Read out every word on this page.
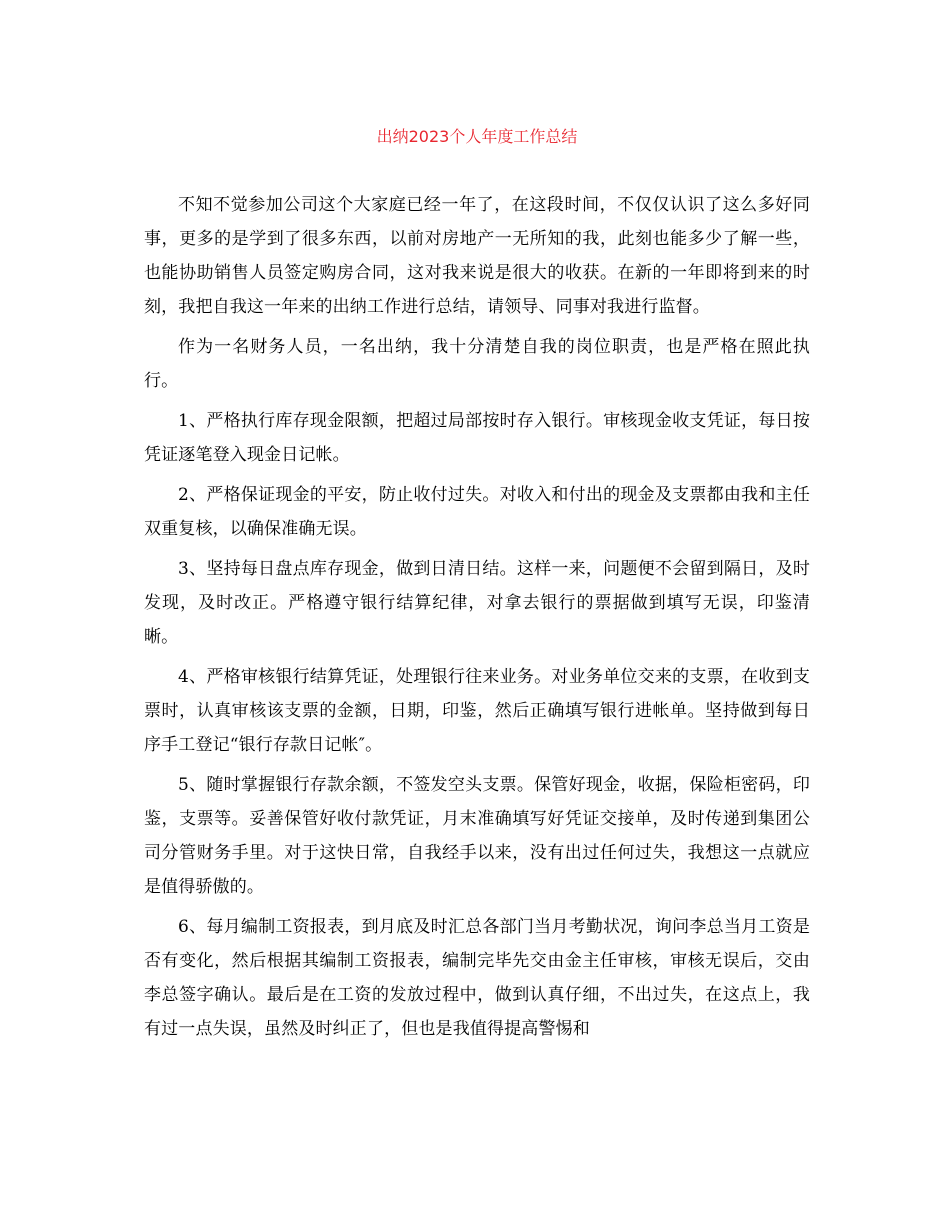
出纳2023个人年度工作总结

不知不觉参加公司这个大家庭已经一年了，在这段时间，不仅仅认识了这么多好同事，更多的是学到了很多东西，以前对房地产一无所知的我，此刻也能多少了解一些，也能协助销售人员签定购房合同，这对我来说是很大的收获。在新的一年即将到来的时刻，我把自我这一年来的出纳工作进行总结，请领导、同事对我进行监督。

作为一名财务人员，一名出纳，我十分清楚自我的岗位职责，也是严格在照此执行。

1、严格执行库存现金限额，把超过局部按时存入银行。审核现金收支凭证，每日按凭证逐笔登入现金日记帐。

2、严格保证现金的平安，防止收付过失。对收入和付出的现金及支票都由我和主任双重复核，以确保准确无误。

3、坚持每日盘点库存现金，做到日清日结。这样一来，问题便不会留到隔日，及时发现，及时改正。严格遵守银行结算纪律，对拿去银行的票据做到填写无误，印鉴清晰。

4、严格审核银行结算凭证，处理银行往来业务。对业务单位交来的支票，在收到支票时，认真审核该支票的金额，日期，印鉴，然后正确填写银行进帐单。坚持做到每日序手工登记“银行存款日记帐″。

5、随时掌握银行存款余额，不签发空头支票。保管好现金，收据，保险柜密码，印鉴，支票等。妥善保管好收付款凭证，月末准确填写好凭证交接单，及时传递到集团公司分管财务手里。对于这快日常，自我经手以来，没有出过任何过失，我想这一点就应是值得骄傲的。

6、每月编制工资报表，到月底及时汇总各部门当月考勤状况，询问李总当月工资是否有变化，然后根据其编制工资报表，编制完毕先交由金主任审核，审核无误后，交由李总签字确认。最后是在工资的发放过程中，做到认真仔细，不出过失，在这点上，我有过一点失误，虽然及时纠正了，但也是我值得提高警惕和
